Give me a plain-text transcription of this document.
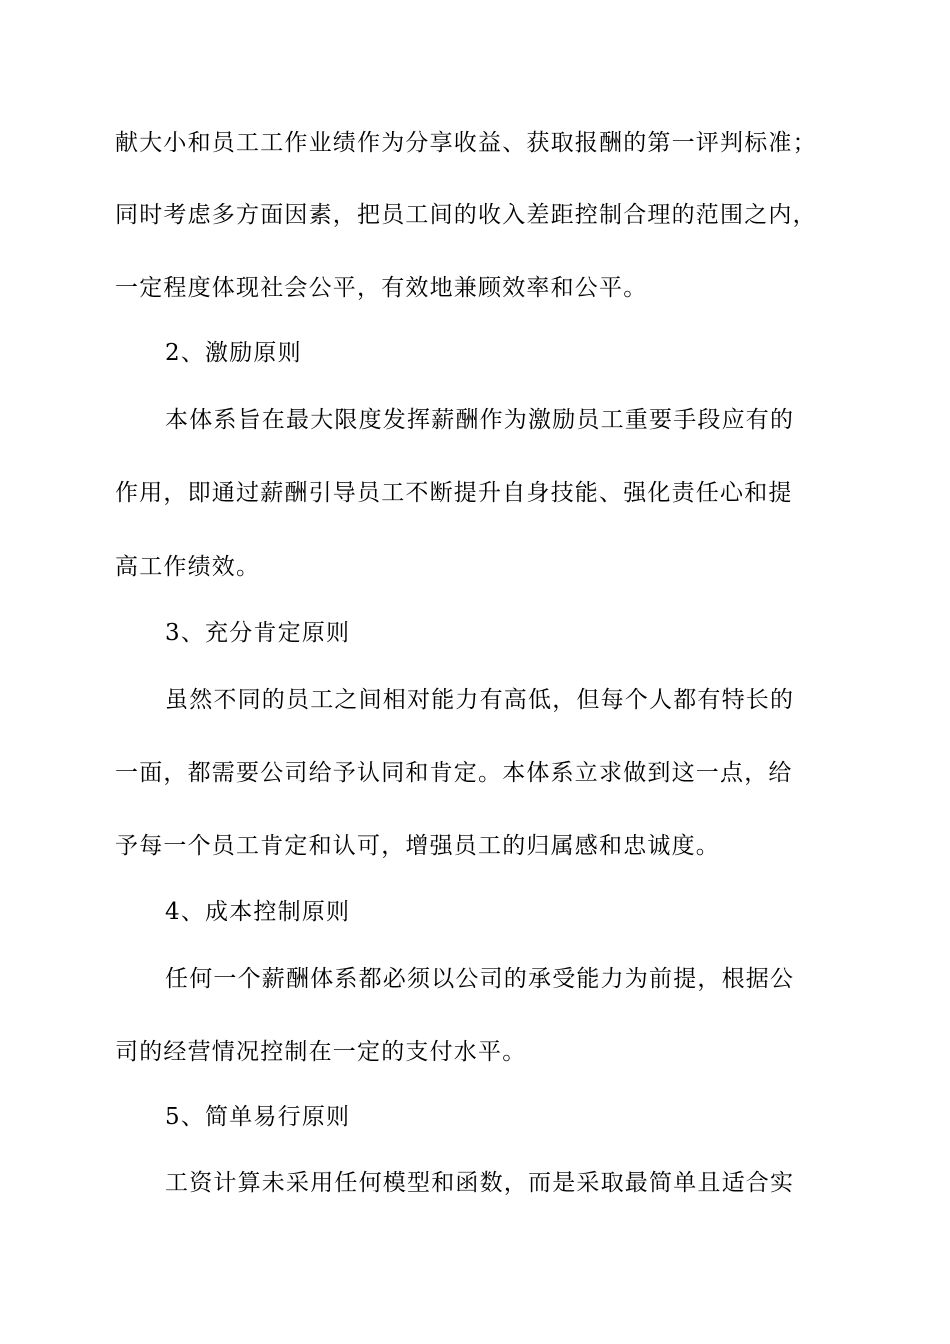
献大小和员工工作业绩作为分享收益、获取报酬的第一评判标准；
同时考虑多方面因素，把员工间的收入差距控制合理的范围之内，
一定程度体现社会公平，有效地兼顾效率和公平。
2、激励原则
本体系旨在最大限度发挥薪酬作为激励员工重要手段应有的
作用，即通过薪酬引导员工不断提升自身技能、强化责任心和提
高工作绩效。
3、充分肯定原则
虽然不同的员工之间相对能力有高低，但每个人都有特长的
一面，都需要公司给予认同和肯定。本体系立求做到这一点，给
予每一个员工肯定和认可，增强员工的归属感和忠诚度。
4、成本控制原则
任何一个薪酬体系都必须以公司的承受能力为前提，根据公
司的经营情况控制在一定的支付水平。
5、简单易行原则
工资计算未采用任何模型和函数，而是采取最简单且适合实
